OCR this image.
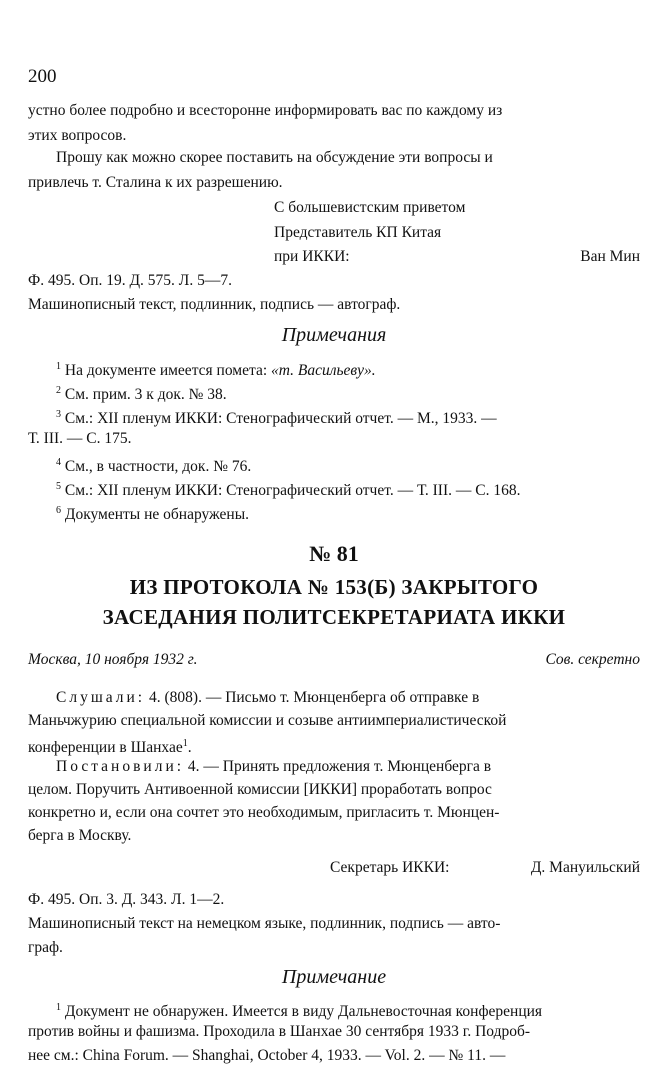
200
устно более подробно и всесторонне информировать вас по каждому из
этих вопросов.
Прошу как можно скорее поставить на обсуждение эти вопросы и
привлечь т. Сталина к их разрешению.
С большевистским приветом
Представитель КП Китая
при ИККИ:	Ван Мин
Ф. 495. Оп. 19. Д. 575. Л. 5—7.
Машинописный текст, подлинник, подпись — автограф.
Примечания
$^1$ На документе имеется помета: «т. Васильеву».
$^2$ См. прим. 3 к док. № 38.
$^3$ См.: XII пленум ИККИ: Стенографический отчет. — М., 1933. —
Т. III. — С. 175.
$^4$ См., в частности, док. № 76.
$^5$ См.: XII пленум ИККИ: Стенографический отчет. — Т. III. — С. 168.
$^6$ Документы не обнаружены.
№ 81
ИЗ ПРОТОКОЛА № 153(Б) ЗАКРЫТОГО
ЗАСЕДАНИЯ ПОЛИТСЕКРЕТАРИАТА ИККИ
Москва, 10 ноября 1932 г.	Сов. секретно
Слушали: 4. (808). — Письмо т. Мюнценберга об отправке в
Маньчжурию специальной комиссии и созыве антиимпериалистической
конференции в Шанхае$^1$.
Постановили: 4. — Принять предложения т. Мюнценберга в
целом. Поручить Антивоенной комиссии [ИККИ] проработать вопрос
конкретно и, если она сочтет это необходимым, пригласить т. Мюнцен-
берга в Москву.
Секретарь ИККИ:	Д. Мануильский
Ф. 495. Оп. 3. Д. 343. Л. 1—2.
Машинописный текст на немецком языке, подлинник, подпись — авто-
граф.
Примечание
$^1$ Документ не обнаружен. Имеется в виду Дальневосточная конференция
против войны и фашизма. Проходила в Шанхае 30 сентября 1933 г. Подроб-
нее см.: China Forum. — Shanghai, October 4, 1933. — Vol. 2. — № 11. —
